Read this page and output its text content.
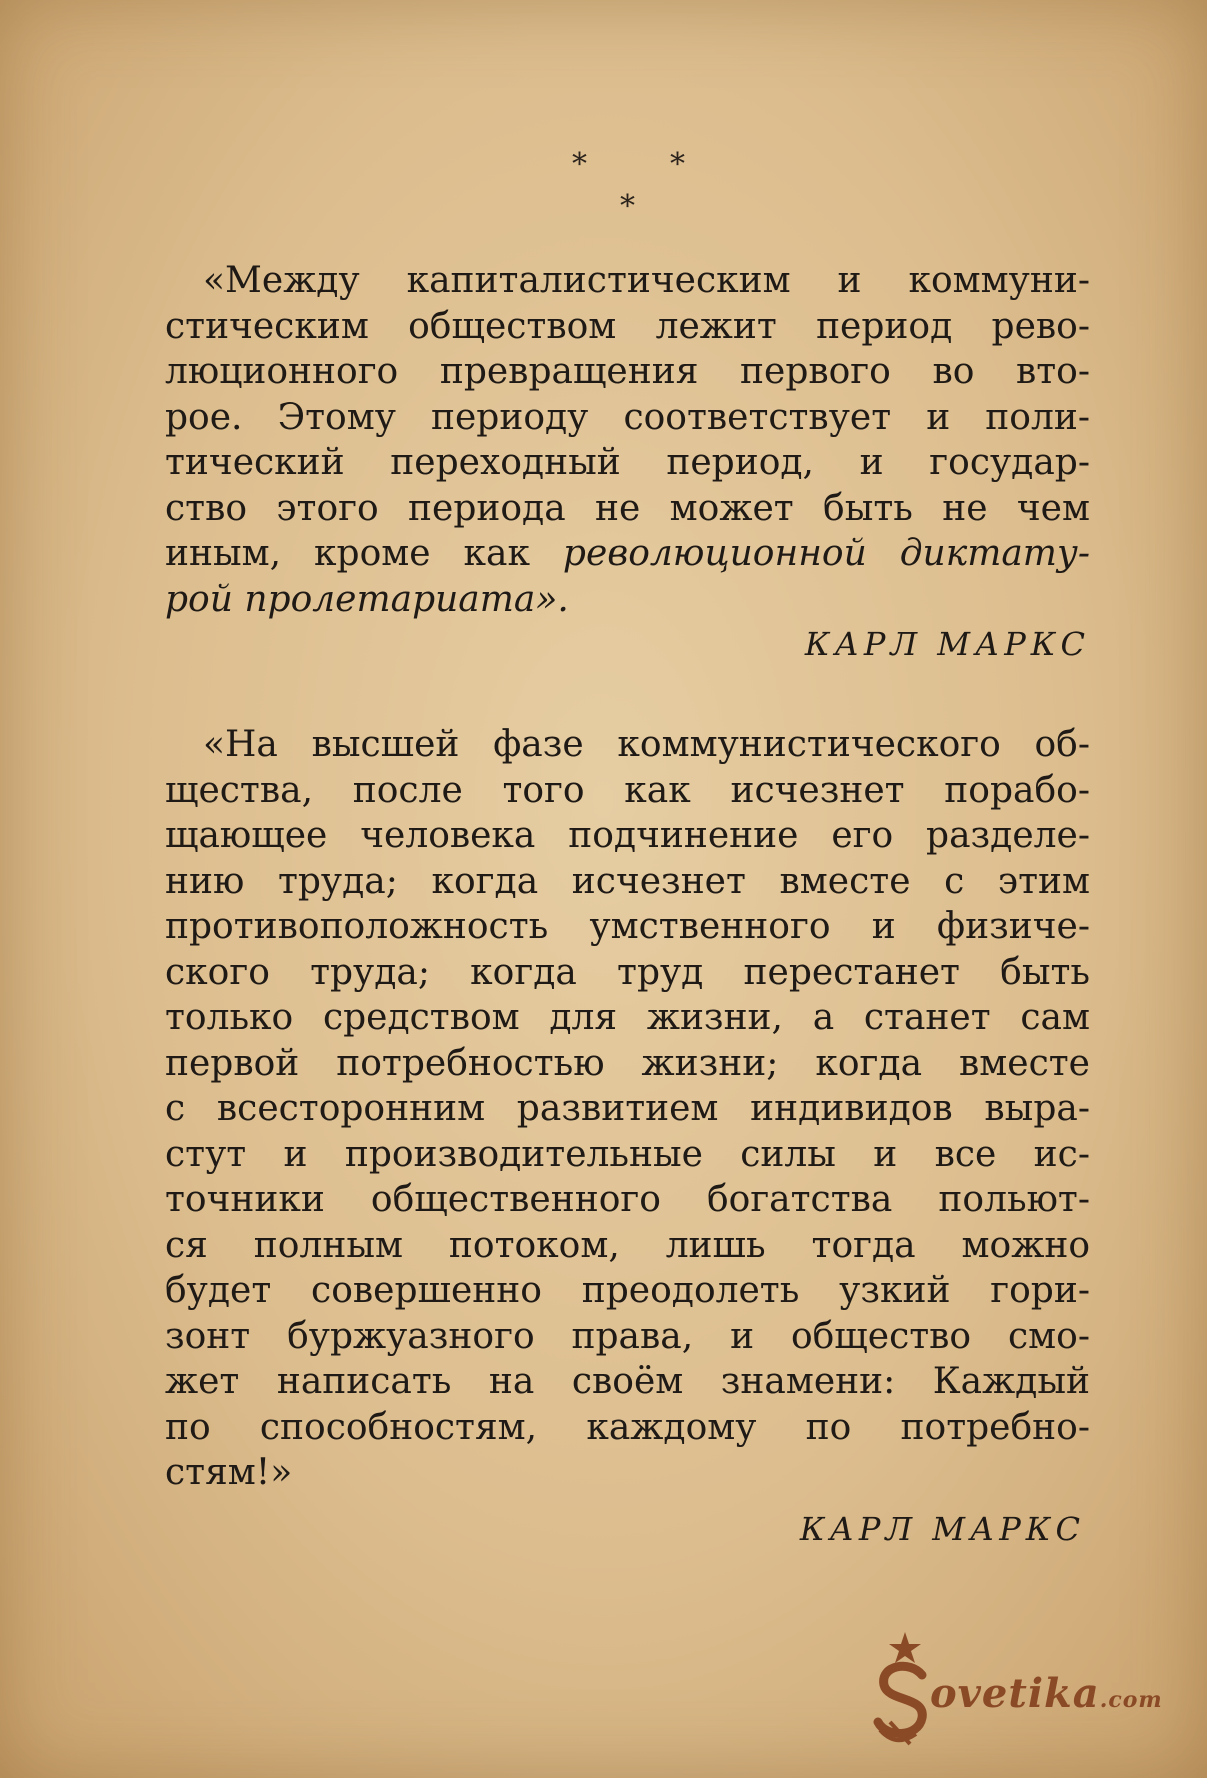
*	*
*

«Между капиталистическим и коммуни-
стическим обществом лежит период рево-
люционного превращения первого во вто-
рое. Этому периоду соответствует и поли-
тический переходный период, и государ-
ство этого периода не может быть не чем
иным, кроме как революционной диктату-
рой пролетариата».

КАРЛ МАРКС

«На высшей фазе коммунистического об-
щества, после того как исчезнет порабо-
щающее человека подчинение его разделе-
нию труда; когда исчезнет вместе с этим
противоположность умственного и физиче-
ского труда; когда труд перестанет быть
только средством для жизни, а станет сам
первой потребностью жизни; когда вместе
с всесторонним развитием индивидов выра-
стут и производительные силы и все ис-
точники общественного богатства польют-
ся полным потоком, лишь тогда можно
будет совершенно преодолеть узкий гори-
зонт буржуазного права, и общество смо-
жет написать на своём знамени: Каждый
по способностям, каждому по потребно-
стям!»

КАРЛ МАРКС

ovetika.com
